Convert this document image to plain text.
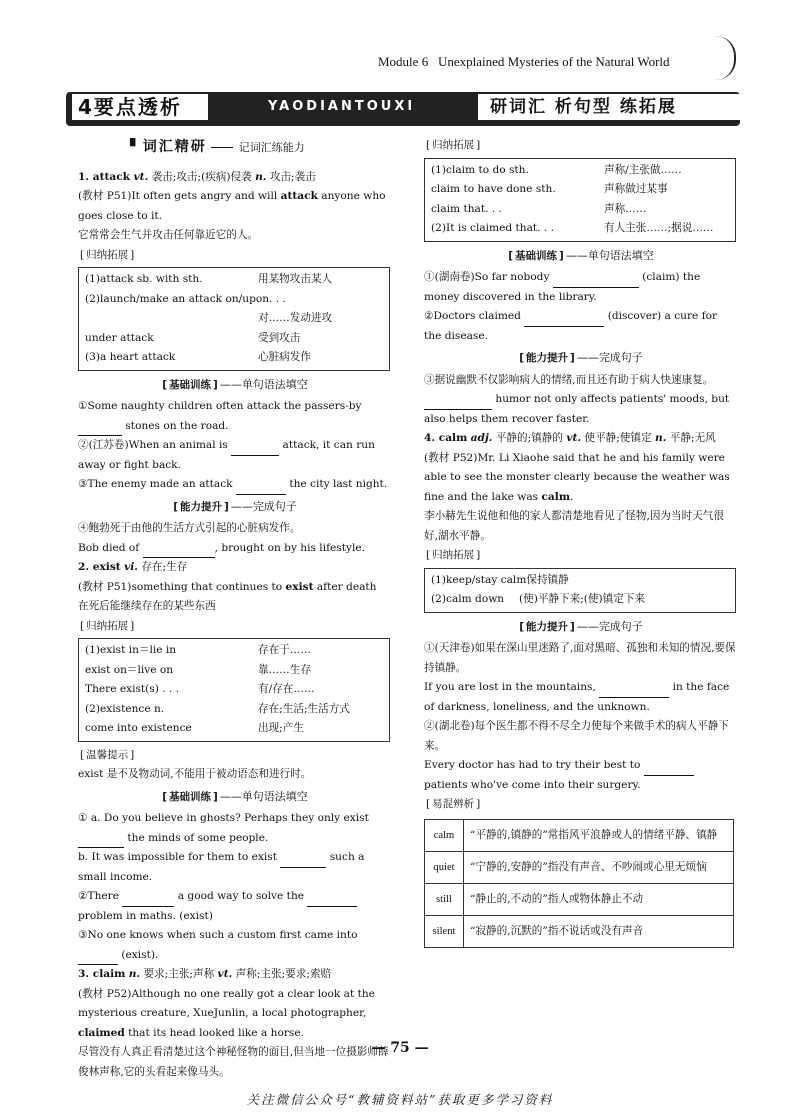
Module 6 Unexplained Mysteries of the Natural World
4要点透析	YAODIANTOUXI	研词汇 析句型 练拓展
▘词汇精研	记词汇练能力

1. attack vt. 袭击;攻击;(疾病)侵袭 n. 攻击;袭击

(教材 P51)It often gets angry and will attack anyone who goes close to it.

它常常会生气并攻击任何靠近它的人。

[ 归纳拓展 ]

(1)attack sb. with sth.	用某物攻击某人
(2)launch/make an attack on/upon. . .
对……发动进攻
under attack	受到攻击
(3)a heart attack	心脏病发作
[ 基础训练 ] ——单句语法填空

①Some naughty children often attack the passers-by  stones on the road.

②(江苏卷)When an animal is	attack, it can run away or fight back.

③The enemy made an attack	the city last night.

[ 能力提升 ] ——完成句子

④鲍勃死于由他的生活方式引起的心脏病发作。

Bob died of	, brought on by his lifestyle.

2. exist vi. 存在;生存

(教材 P51)something that continues to exist after death

在死后能继续存在的某些东西

[ 归纳拓展 ]

(1)exist in＝lie in	存在于……
exist on＝live on	靠……生存
There exist(s) . . .	有/存在……
(2)existence n.	存在;生活;生活方式
come into existence	出现;产生

[ 温馨提示 ]

exist 是不及物动词,不能用于被动语态和进行时。

[ 基础训练 ] ——单句语法填空

① a. Do you believe in ghosts? Perhaps they only exist

the minds of some people.

b. It was impossible for them to exist	such a small income.

②There	a good way to solve the  problem in maths. (exist)

③No one knows when such a custom first came into  (exist).

3. claim n. 要求;主张;声称 vt. 声称;主张;要求;索赔

(教材 P52)Although no one really got a clear look at the mysterious creature, XueJunlin, a local photographer, claimed that its head looked like a horse.

尽管没有人真正看清楚过这个神秘怪物的面目,但当地一位摄影师薛俊林声称,它的头看起来像马头。

[ 归纳拓展 ]

(1)claim to do sth.	声称/主张做……
claim to have done sth.	声称做过某事
claim that. . .	声称……
(2)It is claimed that. . .	有人主张……;据说……
[ 基础训练 ] ——单句语法填空

①(湖南卷)So far nobody	(claim) the money discovered in the library.

②Doctors claimed	(discover) a cure for the disease.

[ 能力提升 ] ——完成句子

③据说幽默不仅影响病人的情绪,而且还有助于病人快速康复。

humor not only affects patients' moods, but also helps them recover faster.

4. calm adj. 平静的;镇静的 vt. 使平静;使镇定 n. 平静;无风

(教材 P52)Mr. Li Xiaohe said that he and his family were able to see the monster clearly because the weather was fine and the lake was calm.

李小赫先生说他和他的家人都清楚地看见了怪物,因为当时天气很好,湖水平静。

[ 归纳拓展 ]

(1)keep/stay calm 保持镇静
(2)calm down (使)平静下来;(使)镇定下来
[ 能力提升 ] ——完成句子

①(天津卷)如果在深山里迷路了,面对黑暗、孤独和未知的情况,要保持镇静。

If you are lost in the mountains,	in the face of darkness, loneliness, and the unknown.

②(湖北卷)每个医生都不得不尽全力使每个来做手术的病人平静下来。

Every doctor has had to try their best to  patients who've come into their surgery.

[ 易混辨析 ]

calm	“平静的,镇静的”常指风平浪静或人的情绪平静、镇静
quiet	“宁静的,安静的”指没有声音、不吵闹或心里无烦恼
still	“静止的,不动的”指人或物体静止不动
silent	“寂静的,沉默的”指不说话或没有声音
— 75 —
关注微信公众号“教辅资料站”获取更多学习资料
